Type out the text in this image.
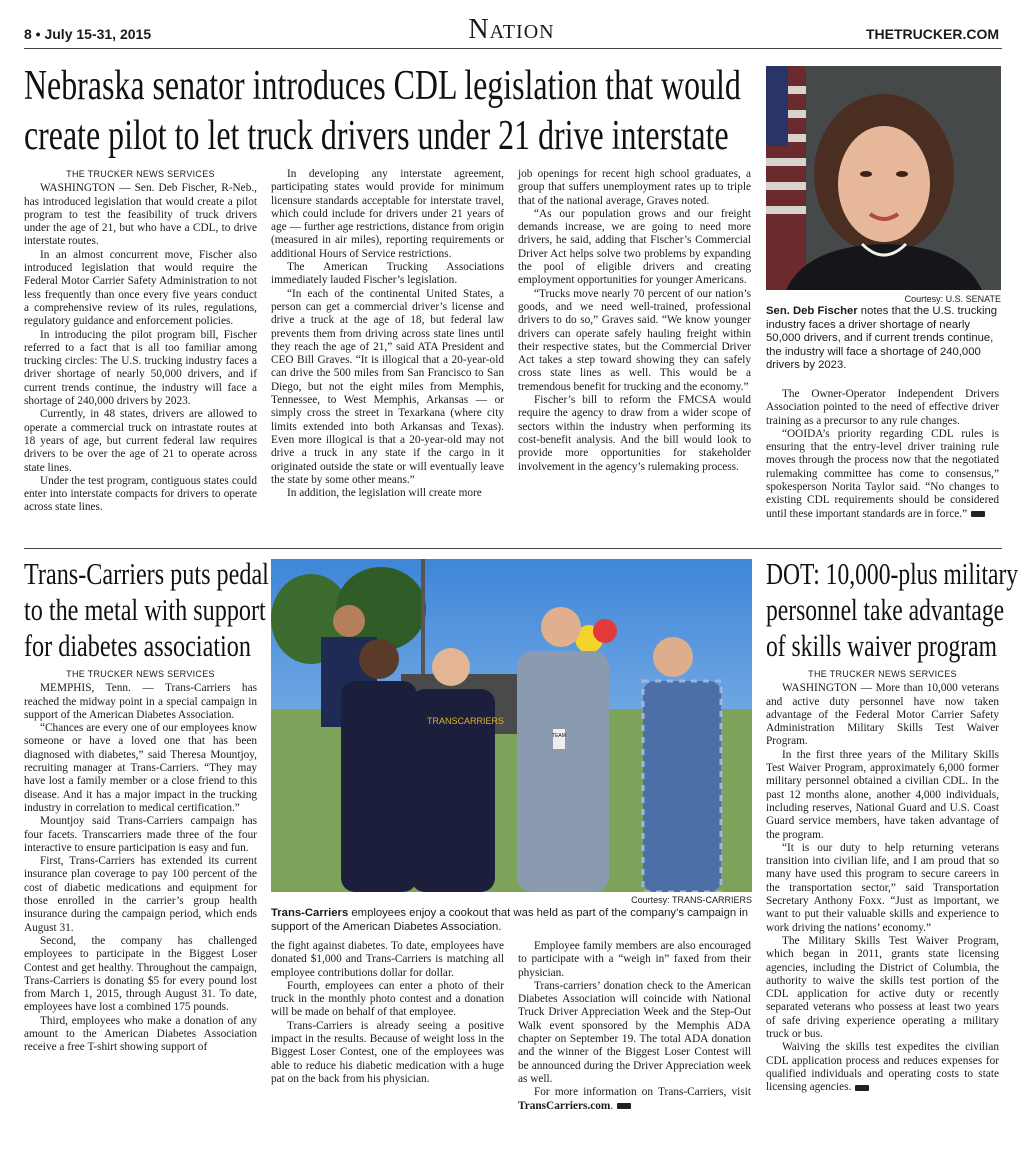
8 • July 15-31, 2015	Nation	THETRUCKER.COM
Nebraska senator introduces CDL legislation that would
create pilot to let truck drivers under 21 drive interstate
THE TRUCKER NEWS SERVICES

WASHINGTON — Sen. Deb Fischer, R-Neb., has introduced legislation that would create a pilot program to test the feasibility of truck drivers under the age of 21, but who have a CDL, to drive interstate routes.

In an almost concurrent move, Fischer also introduced legislation that would require the Federal Motor Carrier Safety Administration to not less frequently than once every five years conduct a comprehensive review of its rules, regulations, regulatory guidance and enforcement policies.

In introducing the pilot program bill, Fischer referred to a fact that is all too familiar among trucking circles: The U.S. trucking industry faces a driver shortage of nearly 50,000 drivers, and if current trends continue, the industry will face a shortage of 240,000 drivers by 2023.

Currently, in 48 states, drivers are allowed to operate a commercial truck on intrastate routes at 18 years of age, but current federal law requires drivers to be over the age of 21 to operate across state lines.

Under the test program, contiguous states could enter into interstate compacts for drivers to operate across state lines.

In developing any interstate agreement, participating states would provide for minimum licensure standards acceptable for interstate travel, which could include for drivers under 21 years of age — further age restrictions, distance from origin (measured in air miles), reporting requirements or additional Hours of Service restrictions.

The American Trucking Associations immediately lauded Fischer’s legislation.

“In each of the continental United States, a person can get a commercial driver’s license and drive a truck at the age of 18, but federal law prevents them from driving across state lines until they reach the age of 21,” said ATA President and CEO Bill Graves. “It is illogical that a 20-year-old can drive the 500 miles from San Francisco to San Diego, but not the eight miles from Memphis, Tennessee, to West Memphis, Arkansas — or simply cross the street in Texarkana (where city limits extended into both Arkansas and Texas). Even more illogical is that a 20-year-old may not drive a truck in any state if the cargo in it originated outside the state or will eventually leave the state by some other means.”

In addition, the legislation will create more

job openings for recent high school graduates, a group that suffers unemployment rates up to triple that of the national average, Graves noted.

“As our population grows and our freight demands increase, we are going to need more drivers, he said, adding that Fischer’s Commercial Driver Act helps solve two problems by expanding the pool of eligible drivers and creating employment opportunities for younger Americans.

“Trucks move nearly 70 percent of our nation’s goods, and we need well-trained, professional drivers to do so,” Graves said. “We know younger drivers can operate safely hauling freight within their respective states, but the Commercial Driver Act takes a step toward showing they can safely cross state lines as well. This would be a tremendous benefit for trucking and the economy.”

Fischer’s bill to reform the FMCSA would require the agency to draw from a wider scope of sectors within the industry when performing its cost-benefit analysis. And the bill would look to provide more opportunities for stakeholder involvement in the agency’s rulemaking process.

Courtesy: U.S. SENATE
Sen. Deb Fischer notes that the U.S. trucking industry faces a driver shortage of nearly 50,000 drivers, and if current trends continue, the industry will face a shortage of 240,000 drivers by 2023.

The Owner-Operator Independent Drivers Association pointed to the need of effective driver training as a precursor to any rule changes.

“OOIDA’s priority regarding CDL rules is ensuring that the entry-level driver training rule moves through the process now that the negotiated rulemaking committee has come to consensus,” spokesperson Norita Taylor said. “No changes to existing CDL requirements should be considered until these important standards are in force.”

Trans-Carriers puts pedal
to the metal with support
for diabetes association
THE TRUCKER NEWS SERVICES

MEMPHIS, Tenn. — Trans-Carriers has reached the midway point in a special campaign in support of the American Diabetes Association.

“Chances are every one of our employees know someone or have a loved one that has been diagnosed with diabetes,” said Theresa Mountjoy, recruiting manager at Trans-Carriers. “They may have lost a family member or a close friend to this disease. And it has a major impact in the trucking industry in correlation to medical certification.”

Mountjoy said Trans-Carriers campaign has four facets. Transcarriers made three of the four interactive to ensure participation is easy and fun.

First, Trans-Carriers has extended its current insurance plan coverage to pay 100 percent of the cost of diabetic medications and equipment for those enrolled in the carrier’s group health insurance during the campaign period, which ends August 31.

Second, the company has challenged employees to participate in the Biggest Loser Contest and get healthy. Throughout the campaign, Trans-Carriers is donating $5 for every pound lost from March 1, 2015, through August 31. To date, employees have lost a combined 175 pounds.

Third, employees who make a donation of any amount to the American Diabetes Association receive a free T-shirt showing support of

TRANSCARRIERS
TEAM
Courtesy: TRANS-CARRIERS
Trans-Carriers employees enjoy a cookout that was held as part of the company’s campaign in support of the American Diabetes Association.

the fight against diabetes. To date, employees have donated $1,000 and Trans-Carriers is matching all employee contributions dollar for dollar.

Fourth, employees can enter a photo of their truck in the monthly photo contest and a donation will be made on behalf of that employee.

Trans-Carriers is already seeing a positive impact in the results. Because of weight loss in the Biggest Loser Contest, one of the employees was able to reduce his diabetic medication with a huge pat on the back from his physician.

Employee family members are also encouraged to participate with a “weigh in” faxed from their physician.

Trans-carriers’ donation check to the American Diabetes Association will coincide with National Truck Driver Appreciation Week and the Step-Out Walk event sponsored by the Memphis ADA chapter on September 19. The total ADA donation and the winner of the Biggest Loser Contest will be announced during the Driver Appreciation week as well.

For more information on Trans-Carriers, visit TransCarriers.com.

DOT: 10,000-plus military
personnel take advantage
of skills waiver program
THE TRUCKER NEWS SERVICES

WASHINGTON — More than 10,000 veterans and active duty personnel have now taken advantage of the Federal Motor Carrier Safety Administration Military Skills Test Waiver Program.

In the first three years of the Military Skills Test Waiver Program, approximately 6,000 former military personnel obtained a civilian CDL. In the past 12 months alone, another 4,000 individuals, including reserves, National Guard and U.S. Coast Guard service members, have taken advantage of the program.

“It is our duty to help returning veterans transition into civilian life, and I am proud that so many have used this program to secure careers in the transportation sector,” said Transportation Secretary Anthony Foxx. “Just as important, we want to put their valuable skills and experience to work driving the nations’ economy.”

The Military Skills Test Waiver Program, which began in 2011, grants state licensing agencies, including the District of Columbia, the authority to waive the skills test portion of the CDL application for active duty or recently separated veterans who possess at least two years of safe driving experience operating a military truck or bus.

Waiving the skills test expedites the civilian CDL application process and reduces expenses for qualified individuals and operating costs to state licensing agencies.
